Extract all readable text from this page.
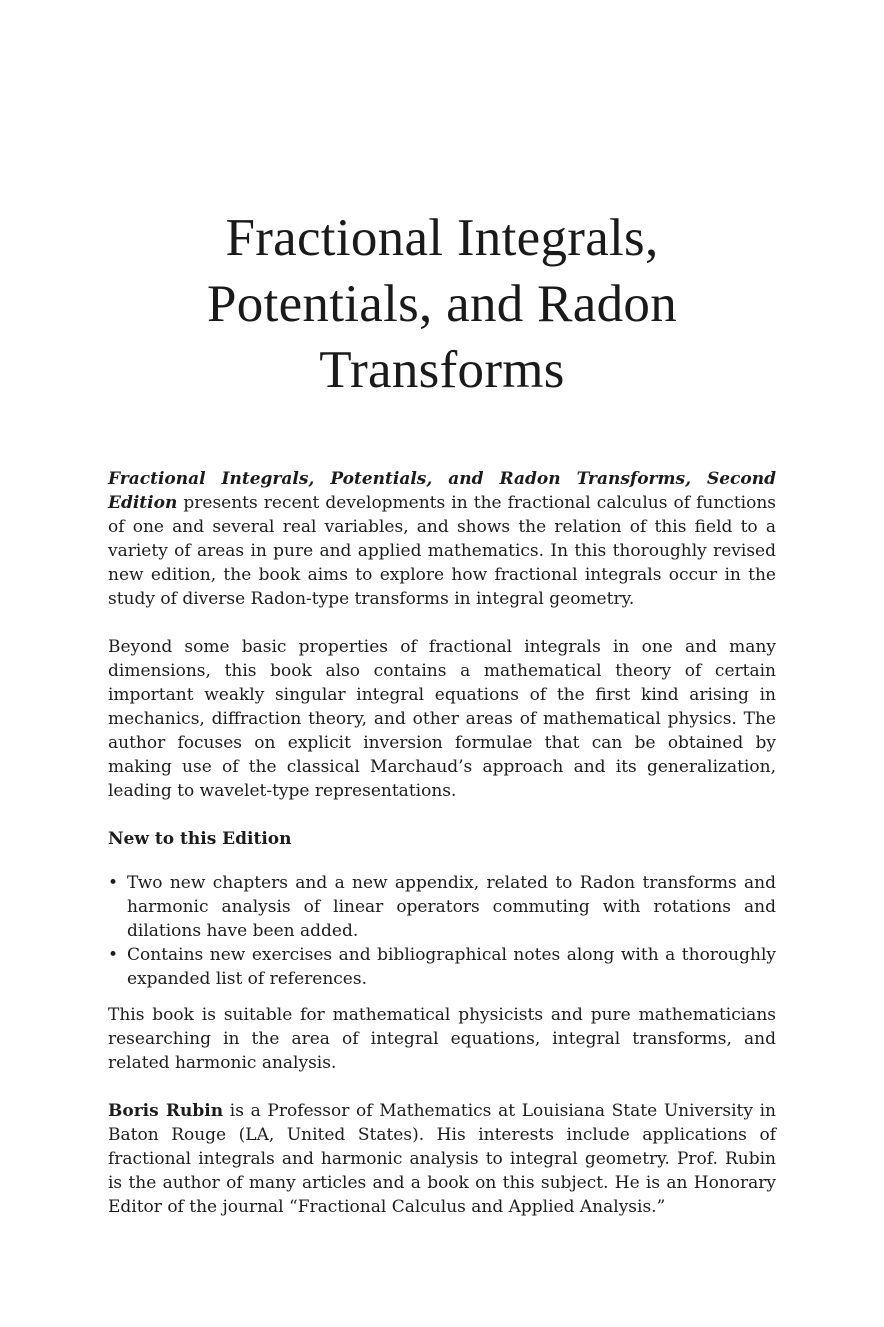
Fractional Integrals,
Potentials, and Radon
Transforms

Fractional Integrals, Potentials, and Radon Transforms, Second Edition presents recent developments in the fractional calculus of functions of one and several real variables, and shows the relation of this field to a variety of areas in pure and applied mathematics. In this thoroughly revised new edition, the book aims to explore how fractional integrals occur in the study of diverse Radon-type transforms in integral geometry.

Beyond some basic properties of fractional integrals in one and many dimensions, this book also contains a mathematical theory of certain important weakly singular integral equations of the first kind arising in mechanics, diffraction theory, and other areas of mathematical physics. The author focuses on explicit inversion formulae that can be obtained by making use of the classical Marchaud’s approach and its generalization, leading to wavelet-type representations.

New to this Edition

• Two new chapters and a new appendix, related to Radon transforms and harmonic analysis of linear operators commuting with rotations and dilations have been added.
• Contains new exercises and bibliographical notes along with a thoroughly expanded list of references.

This book is suitable for mathematical physicists and pure mathematicians researching in the area of integral equations, integral transforms, and related harmonic analysis.

Boris Rubin is a Professor of Mathematics at Louisiana State University in Baton Rouge (LA, United States). His interests include applications of fractional integrals and harmonic analysis to integral geometry. Prof. Rubin is the author of many articles and a book on this subject. He is an Honorary Editor of the journal “Fractional Calculus and Applied Analysis.”
